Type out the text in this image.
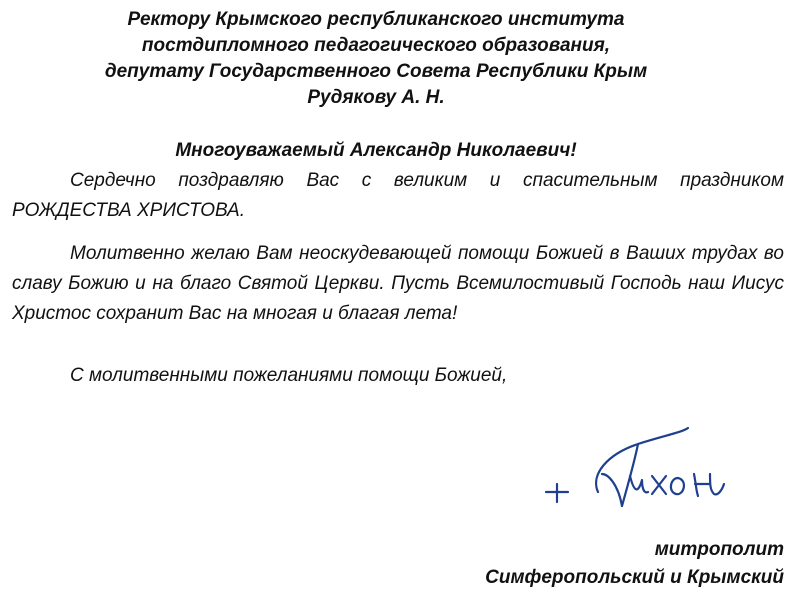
Ректору Крымского республиканского института
постдипломного педагогического образования,
депутату Государственного Совета Республики Крым
Рудякову А. Н.
Многоуважаемый Александр Николаевич!
Сердечно поздравляю Вас с великим и спасительным праздником РОЖДЕСТВА ХРИСТОВА.
Молитвенно желаю Вам неоскудевающей помощи Божией в Ваших трудах во славу Божию и на благо Святой Церкви. Пусть Всемилостивый Господь наш Иисус Христос сохранит Вас на многая и благая лета!
С молитвенными пожеланиями помощи Божией,
митрополит
Симферопольский и Крымский
